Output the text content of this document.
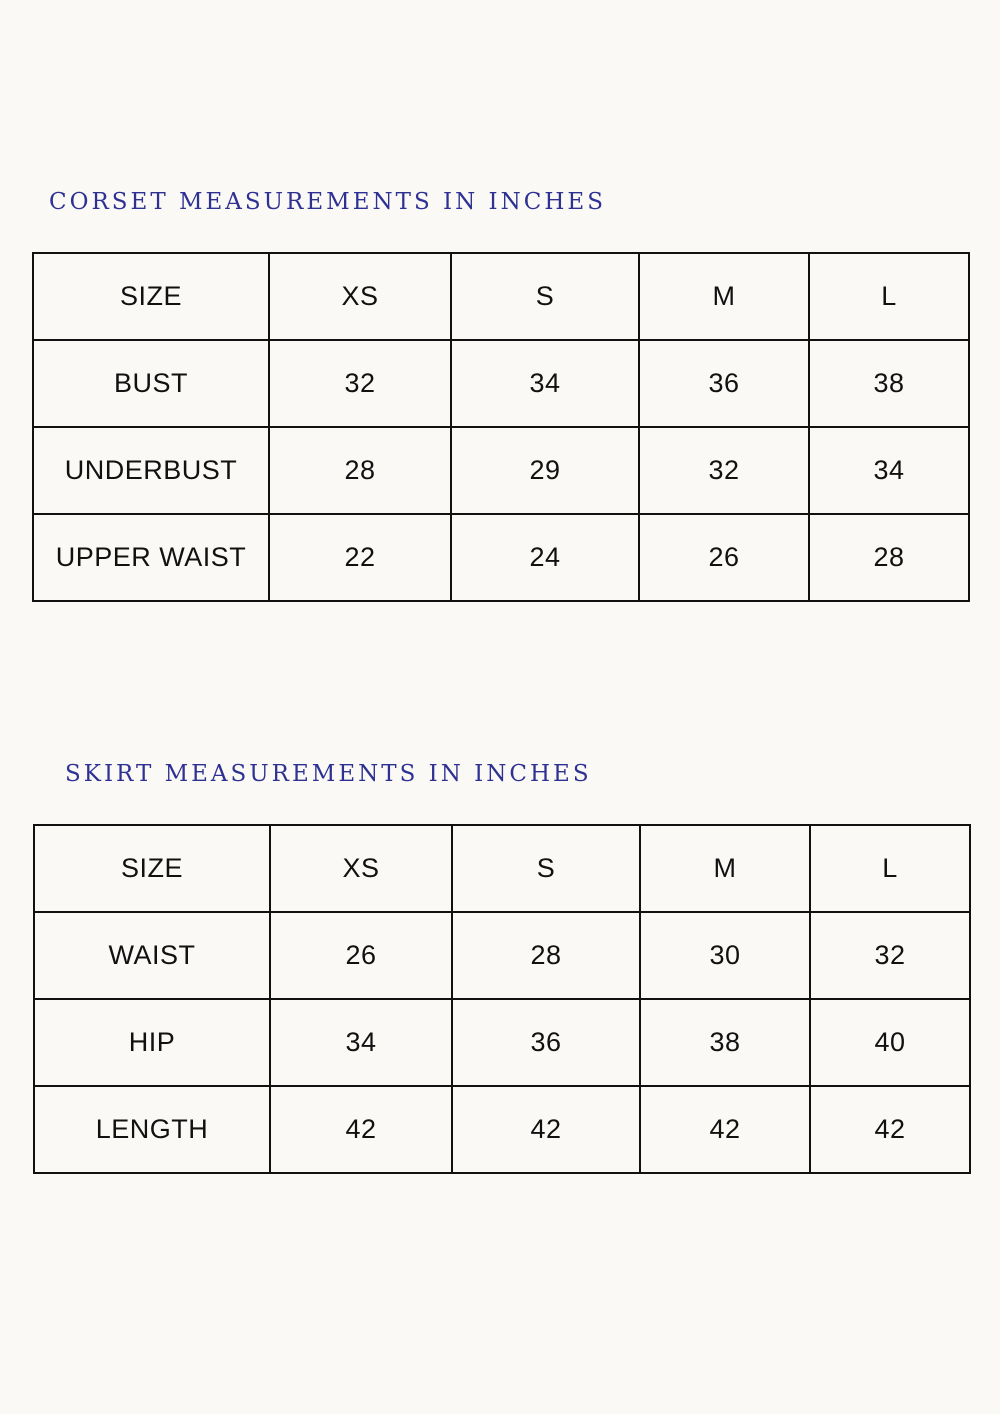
CORSET MEASUREMENTS IN INCHES
SIZE	XS	S	M	L
BUST	32	34	36	38
UNDERBUST	28	29	32	34
UPPER WAIST	22	24	26	28
SKIRT MEASUREMENTS IN INCHES
SIZE	XS	S	M	L
WAIST	26	28	30	32
HIP	34	36	38	40
LENGTH	42	42	42	42
